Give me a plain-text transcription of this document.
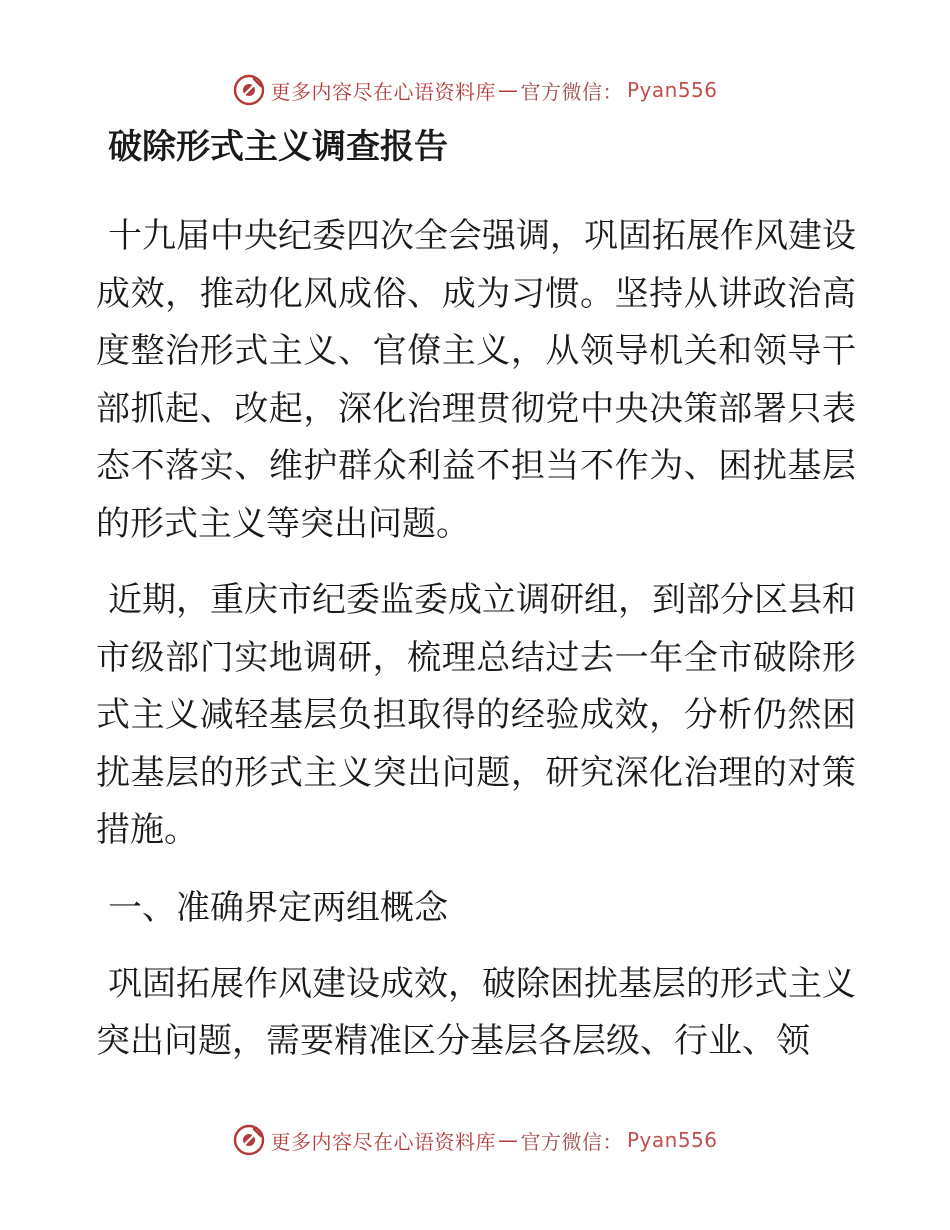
更多内容尽在心语资料库 — 官方微信： Pyan556
破除形式主义调查报告

十九届中央纪委四次全会强调，巩固拓展作风建设成效，推动化风成俗、成为习惯。坚持从讲政治高度整治形式主义、官僚主义，从领导机关和领导干部抓起、改起，深化治理贯彻党中央决策部署只表态不落实、维护群众利益不担当不作为、困扰基层的形式主义等突出问题。

近期，重庆市纪委监委成立调研组，到部分区县和市级部门实地调研，梳理总结过去一年全市破除形式主义减轻基层负担取得的经验成效，分析仍然困扰基层的形式主义突出问题，研究深化治理的对策措施。

一、准确界定两组概念

巩固拓展作风建设成效，破除困扰基层的形式主义突出问题，需要精准区分基层各层级、行业、领

更多内容尽在心语资料库 — 官方微信： Pyan556
